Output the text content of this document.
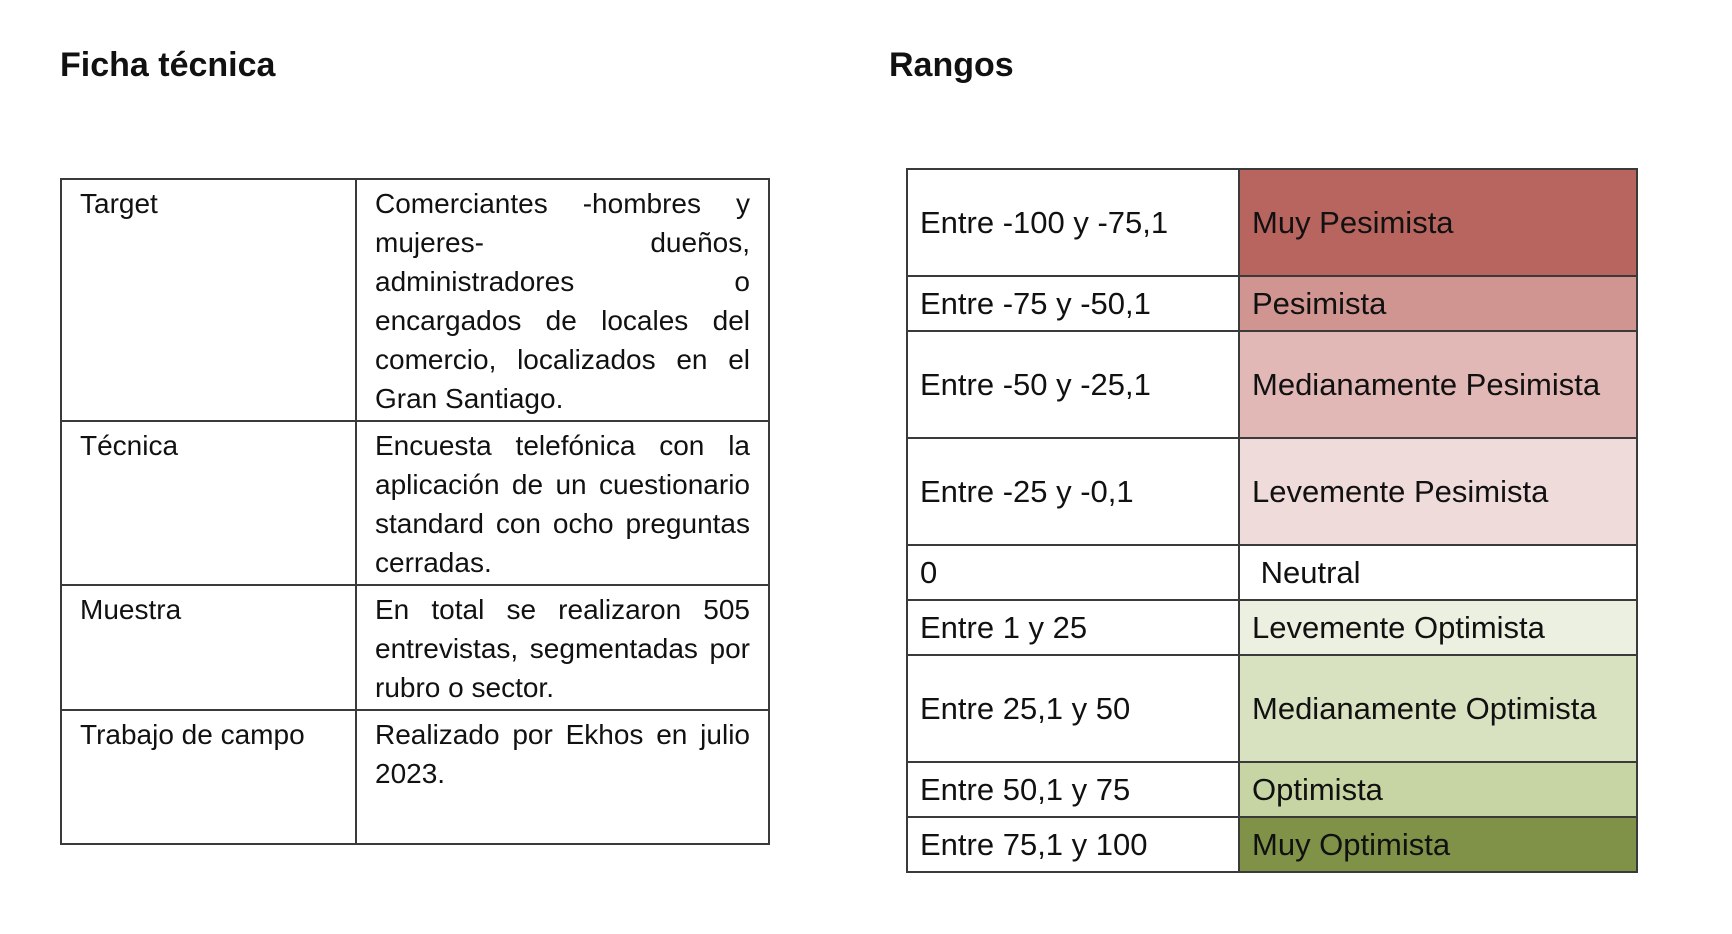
Ficha técnica	Rangos
Target	Comerciantes -hombres y mujeres- dueños, administradores o encargados de locales del comercio, localizados en el Gran Santiago.
Técnica	Encuesta telefónica con la aplicación de un cuestionario standard con ocho preguntas cerradas.
Muestra	En total se realizaron 505 entrevistas, segmentadas por rubro o sector.
Trabajo de campo	Realizado por Ekhos en julio 2023.
Entre -100 y -75,1	Muy Pesimista
Entre -75 y -50,1	Pesimista
Entre -50 y -25,1	Medianamente Pesimista
Entre -25 y -0,1	Levemente Pesimista
0	Neutral
Entre 1 y 25	Levemente Optimista
Entre 25,1 y 50	Medianamente Optimista
Entre 50,1 y 75	Optimista
Entre 75,1 y 100	Muy Optimista
